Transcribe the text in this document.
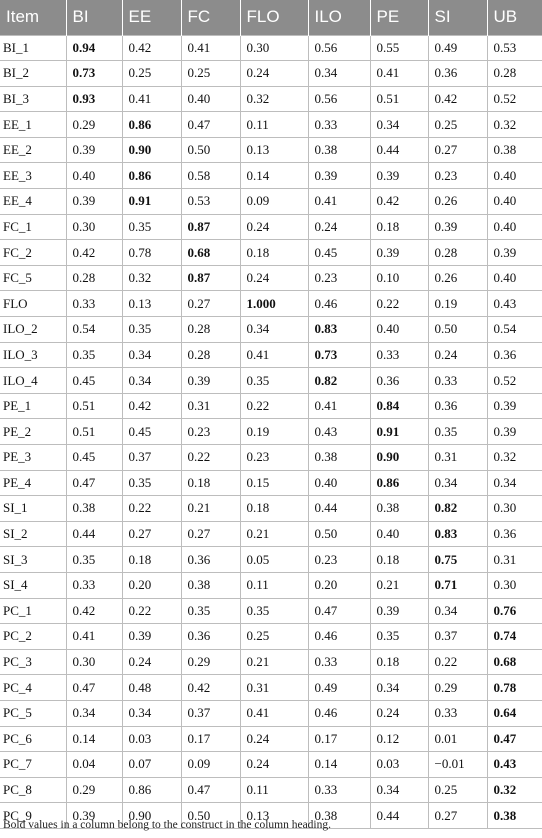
Item	BI	EE	FC	FLO	ILO	PE	SI	UB
BI_1	0.94	0.42	0.41	0.30	0.56	0.55	0.49	0.53
BI_2	0.73	0.25	0.25	0.24	0.34	0.41	0.36	0.28
BI_3	0.93	0.41	0.40	0.32	0.56	0.51	0.42	0.52
EE_1	0.29	0.86	0.47	0.11	0.33	0.34	0.25	0.32
EE_2	0.39	0.90	0.50	0.13	0.38	0.44	0.27	0.38
EE_3	0.40	0.86	0.58	0.14	0.39	0.39	0.23	0.40
EE_4	0.39	0.91	0.53	0.09	0.41	0.42	0.26	0.40
FC_1	0.30	0.35	0.87	0.24	0.24	0.18	0.39	0.40
FC_2	0.42	0.78	0.68	0.18	0.45	0.39	0.28	0.39
FC_5	0.28	0.32	0.87	0.24	0.23	0.10	0.26	0.40
FLO	0.33	0.13	0.27	1.000	0.46	0.22	0.19	0.43
ILO_2	0.54	0.35	0.28	0.34	0.83	0.40	0.50	0.54
ILO_3	0.35	0.34	0.28	0.41	0.73	0.33	0.24	0.36
ILO_4	0.45	0.34	0.39	0.35	0.82	0.36	0.33	0.52
PE_1	0.51	0.42	0.31	0.22	0.41	0.84	0.36	0.39
PE_2	0.51	0.45	0.23	0.19	0.43	0.91	0.35	0.39
PE_3	0.45	0.37	0.22	0.23	0.38	0.90	0.31	0.32
PE_4	0.47	0.35	0.18	0.15	0.40	0.86	0.34	0.34
SI_1	0.38	0.22	0.21	0.18	0.44	0.38	0.82	0.30
SI_2	0.44	0.27	0.27	0.21	0.50	0.40	0.83	0.36
SI_3	0.35	0.18	0.36	0.05	0.23	0.18	0.75	0.31
SI_4	0.33	0.20	0.38	0.11	0.20	0.21	0.71	0.30
PC_1	0.42	0.22	0.35	0.35	0.47	0.39	0.34	0.76
PC_2	0.41	0.39	0.36	0.25	0.46	0.35	0.37	0.74
PC_3	0.30	0.24	0.29	0.21	0.33	0.18	0.22	0.68
PC_4	0.47	0.48	0.42	0.31	0.49	0.34	0.29	0.78
PC_5	0.34	0.34	0.37	0.41	0.46	0.24	0.33	0.64
PC_6	0.14	0.03	0.17	0.24	0.17	0.12	0.01	0.47
PC_7	0.04	0.07	0.09	0.24	0.14	0.03	−0.01	0.43
PC_8	0.29	0.86	0.47	0.11	0.33	0.34	0.25	0.32
PC_9	0.39	0.90	0.50	0.13	0.38	0.44	0.27	0.38
Bold values in a column belong to the construct in the column heading.
